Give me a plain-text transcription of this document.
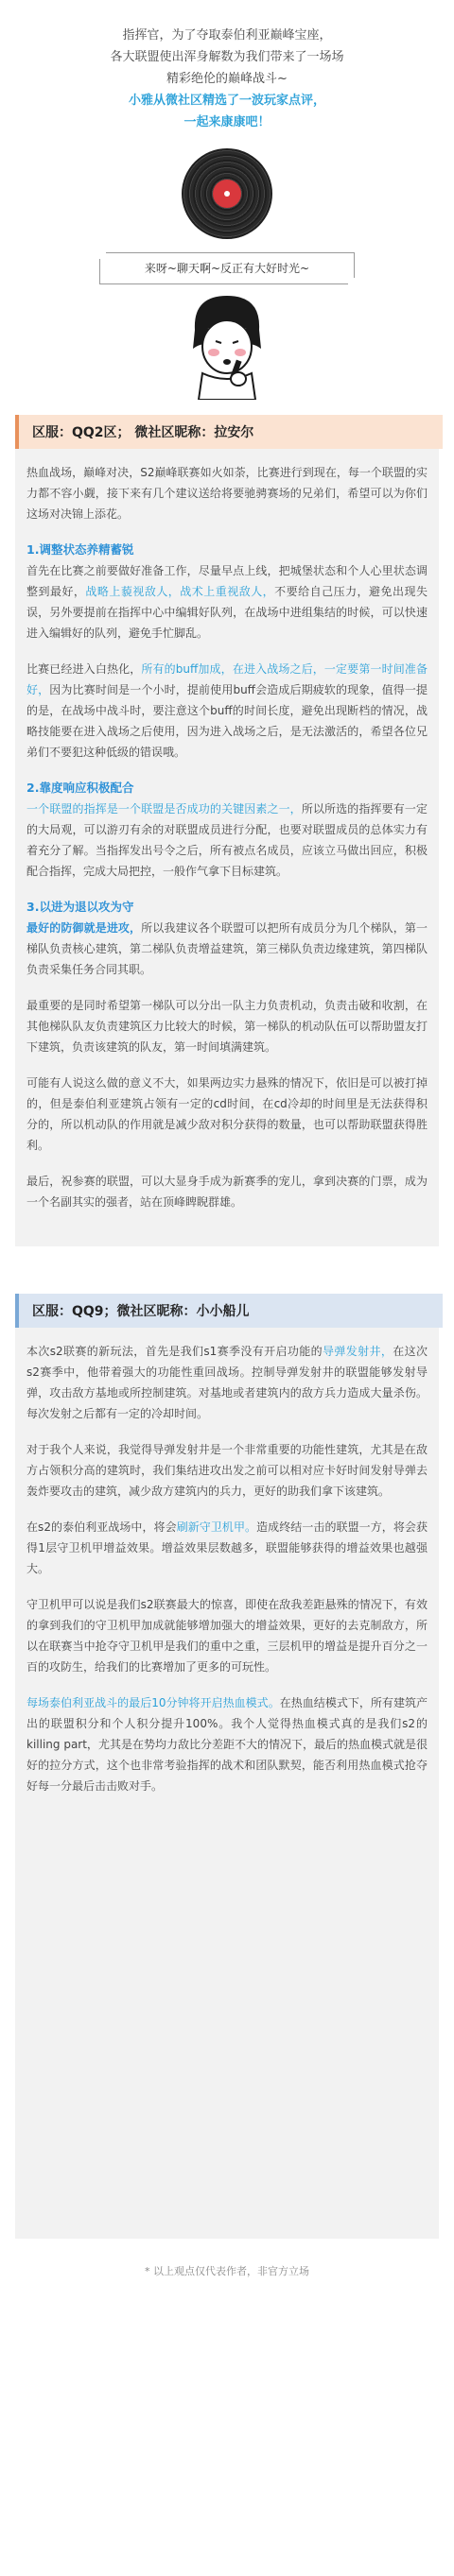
指挥官，为了夺取泰伯利亚巅峰宝座，

各大联盟使出浑身解数为我们带来了一场场

精彩绝伦的巅峰战斗~

小雅从微社区精选了一波玩家点评，

一起来康康吧！

来呀~聊天啊~反正有大好时光~
区服：QQ2区； 微社区昵称：拉安尔

热血战场，巅峰对决，S2巅峰联赛如火如荼，比赛进行到现在，每一个联盟的实力都不容小觑，接下来有几个建议送给将要驰骋赛场的兄弟们，希望可以为你们这场对决锦上添花。

1.调整状态养精蓄锐

首先在比赛之前要做好准备工作，尽量早点上线，把城堡状态和个人心里状态调整到最好，战略上藐视敌人，战术上重视敌人，不要给自己压力，避免出现失误，另外要提前在指挥中心中编辑好队列，在战场中进组集结的时候，可以快速进入编辑好的队列，避免手忙脚乱。

比赛已经进入白热化，所有的buff加成，在进入战场之后，一定要第一时间准备好，因为比赛时间是一个小时，提前使用buff会造成后期疲软的现象，值得一提的是，在战场中战斗时，要注意这个buff的时间长度，避免出现断档的情况，战略技能要在进入战场之后使用，因为进入战场之后，是无法激活的，希望各位兄弟们不要犯这种低级的错误哦。

2.靠度响应积极配合

一个联盟的指挥是一个联盟是否成功的关键因素之一，所以所选的指挥要有一定的大局观，可以游刃有余的对联盟成员进行分配，也要对联盟成员的总体实力有着充分了解。当指挥发出号令之后，所有被点名成员，应该立马做出回应，积极配合指挥，完成大局把控，一般作气拿下目标建筑。

3.以进为退以攻为守

最好的防御就是进攻，所以我建议各个联盟可以把所有成员分为几个梯队，第一梯队负责核心建筑，第二梯队负责增益建筑，第三梯队负责边缘建筑，第四梯队负责采集任务合同其职。

最重要的是同时希望第一梯队可以分出一队主力负责机动，负责击破和收割，在其他梯队队友负责建筑区力比较大的时候，第一梯队的机动队伍可以帮助盟友打下建筑，负责该建筑的队友，第一时间填满建筑。

可能有人说这么做的意义不大，如果两边实力悬殊的情况下，依旧是可以被打掉的，但是泰伯利亚建筑占领有一定的cd时间，在cd冷却的时间里是无法获得积分的，所以机动队的作用就是减少敌对积分获得的数量，也可以帮助联盟获得胜利。

最后，祝参赛的联盟，可以大显身手成为新赛季的宠儿，拿到决赛的门票，成为一个名副其实的强者，站在顶峰睥睨群雄。

区服：QQ9；微社区昵称：小小船儿

本次s2联赛的新玩法，首先是我们s1赛季没有开启功能的导弹发射井，在这次s2赛季中，他带着强大的功能性重回战场。控制导弹发射井的联盟能够发射导弹，攻击敌方基地或所控制建筑。对基地或者建筑内的敌方兵力造成大量杀伤。每次发射之后都有一定的冷却时间。

对于我个人来说，我觉得导弹发射井是一个非常重要的功能性建筑，尤其是在敌方占领积分高的建筑时，我们集结进攻出发之前可以相对应卡好时间发射导弹去轰炸要攻击的建筑，减少敌方建筑内的兵力，更好的助我们拿下该建筑。

在s2的泰伯利亚战场中，将会刷新守卫机甲。造成终结一击的联盟一方，将会获得1层守卫机甲增益效果。增益效果层数越多，联盟能够获得的增益效果也越强大。

守卫机甲可以说是我们s2联赛最大的惊喜，即使在敌我差距悬殊的情况下，有效的拿到我们的守卫机甲加成就能够增加强大的增益效果，更好的去克制敌方，所以在联赛当中抢夺守卫机甲是我们的重中之重，三层机甲的增益是提升百分之一百的攻防生，给我们的比赛增加了更多的可玩性。

每场泰伯利亚战斗的最后10分钟将开启热血模式。在热血结模式下，所有建筑产出的联盟积分和个人积分提升100%。我个人觉得热血模式真的是我们s2的killing part，尤其是在势均力敌比分差距不大的情况下，最后的热血模式就是很好的拉分方式，这个也非常考验指挥的战术和团队默契，能否利用热血模式抢夺好每一分最后击击败对手。

* 以上观点仅代表作者，非官方立场
